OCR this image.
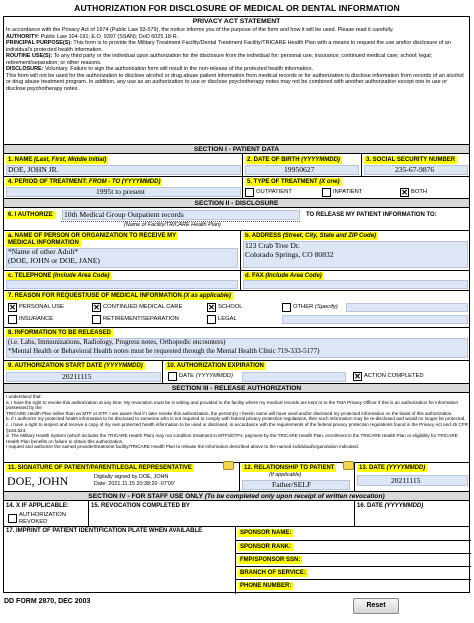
AUTHORIZATION FOR DISCLOSURE OF MEDICAL OR DENTAL INFORMATION
PRIVACY ACT STATEMENT

In accordance with the Privacy Act of 1974 (Public Law 93-579), the notice informs you of the purpose of the form and how it will be used. Please read it carefully.

AUTHORITY: Public Law 104-191; E.O. 9397 (SSAN); DoD 6025.18-R.

PRINCIPAL PURPOSE(S): This form is to provide the Military Treatment Facility/Dental Treatment Facility/TRICARE Health Plan with a means to request the use and/or disclosure of an individual's protected health information.

ROUTINE USE(S): To any third party or the individual upon authorization for the disclosure from the individual for: personal use; insurance; continued medical care; school; legal; retirement/separation; or other reasons.

DISCLOSURE: Voluntary. Failure to sign the authorization form will result in the non-release of the protected health information.

This form will not be used for the authorization to disclose alcohol or drug abuse patient information from medical records or for authorization to disclose information from records of an alcohol or drug abuse treatment program. In addition, any use as an authorization to use or disclose psychotherapy notes may not be combined with another authorization except one to use or disclose psychotherapy notes.

SECTION I - PATIENT DATA
1. NAME (Last, First, Middle Initial)
DOE, JOHN JR.
2. DATE OF BIRTH (YYYYMMDD)
19950627
3. SOCIAL SECURITY NUMBER
235-67-9876
4. PERIOD OF TREATMENT: FROM - TO (YYYYMMDD)
1995t to present
5. TYPE OF TREATMENT (X one)
OUTPATIENT	INPATIENT ✕	BOTH
SECTION II - DISCLOSURE
6. I AUTHORIZE 10th Medical Group Outpatient records	TO RELEASE MY PATIENT INFORMATION TO:
(Name of Facility/TRICARE Health Plan)
a. NAME OF PERSON OR ORGANIZATION TO RECEIVE MY
MEDICAL INFORMATION
*Name of other Adult*
(DOE, JOHN or DOE, JANE)
b. ADDRESS (Street, City, State and ZIP Code)
123 Crab Tree Dr.
Colorado Springs, CO 80832
c. TELEPHONE (Include Area Code)	d. FAX (Include Area Code)
7. REASON FOR REQUEST/USE OF MEDICAL INFORMATION (X as applicable)
✕
PERSONAL USE ✕	CONTINUED MEDICAL CARE ✕	SCHOOL	OTHER (Specify)
INSURANCE	RETIREMENT/SEPARATION	LEGAL
8. INFORMATION TO BE RELEASED
(i.e. Labs, Immunizations, Radiology, Progress notes, Orthopedic encounters)
*Mental Health or Behavioral Health notes must be requested through the Mental Health Clinic 719-333-5177)
9. AUTHORIZATION START DATE (YYYYMMDD)
20211115
10. AUTHORIZATION EXPIRATION
DATE (YYYYMMDD) ✕	ACTION COMPLETED
SECTION III - RELEASE AUTHORIZATION

I understand that:

a. I have the right to revoke this authorization at any time. My revocation must be in writing and provided to the facility where my medical records are kept or to the TMA Privacy Officer if this is an authorization for information possessed by the

TRICARE Health Plan rather than an MTF or DTF. I am aware that if I later revoke this authorization, the person(s) I herein name will have used and/or disclosed my protected information on the basis of this authorization.

b. If I authorize my protected health information to be disclosed to someone who is not required to comply with federal privacy protection regulations, then such information may be re-disclosed and would no longer be protected.

c. I have a right to inspect and receive a copy of my own protected health information to be used or disclosed, in accordance with the requirements of the federal privacy protection regulations found in the Privacy Act and 45 CFR §164.524.

d. The Military Health System (which includes the TRICARE Health Plan) may not condition treatment in MTFs/DTFs, payment by the TRICARE Health Plan, enrollment in the TRICARE Health Plan or eligibility for TRICARE Health Plan benefits on failure to obtain this authorization.

I request and authorize the named provider/treatment facility/TRICARE Health Plan to release the information described above to the named individual/organization indicated.

11. SIGNATURE OF PATIENT/PARENT/LEGAL REPRESENTATIVE
DOE, JOHN	Digitally signed by DOE, JOHN
Date: 2021.11.15 20:38:20 -07'00'
12. RELATIONSHIP TO PATIENT
(If applicable)
Father/SELF
13. DATE (YYYYMMDD)
20211115
SECTION IV - FOR STAFF USE ONLY (To be completed only upon receipt of written revocation)
14. X IF APPLICABLE:
AUTHORIZATION
REVOKED
15. REVOCATION COMPLETED BY	16. DATE (YYYYMMDD)
17. IMPRINT OF PATIENT IDENTIFICATION PLATE WHEN AVAILABLE	SPONSOR NAME:
SPONSOR RANK:
FMP/SPONSOR SSN:
BRANCH OF SERVICE:
PHONE NUMBER:
DD FORM 2870, DEC 2003
Reset
